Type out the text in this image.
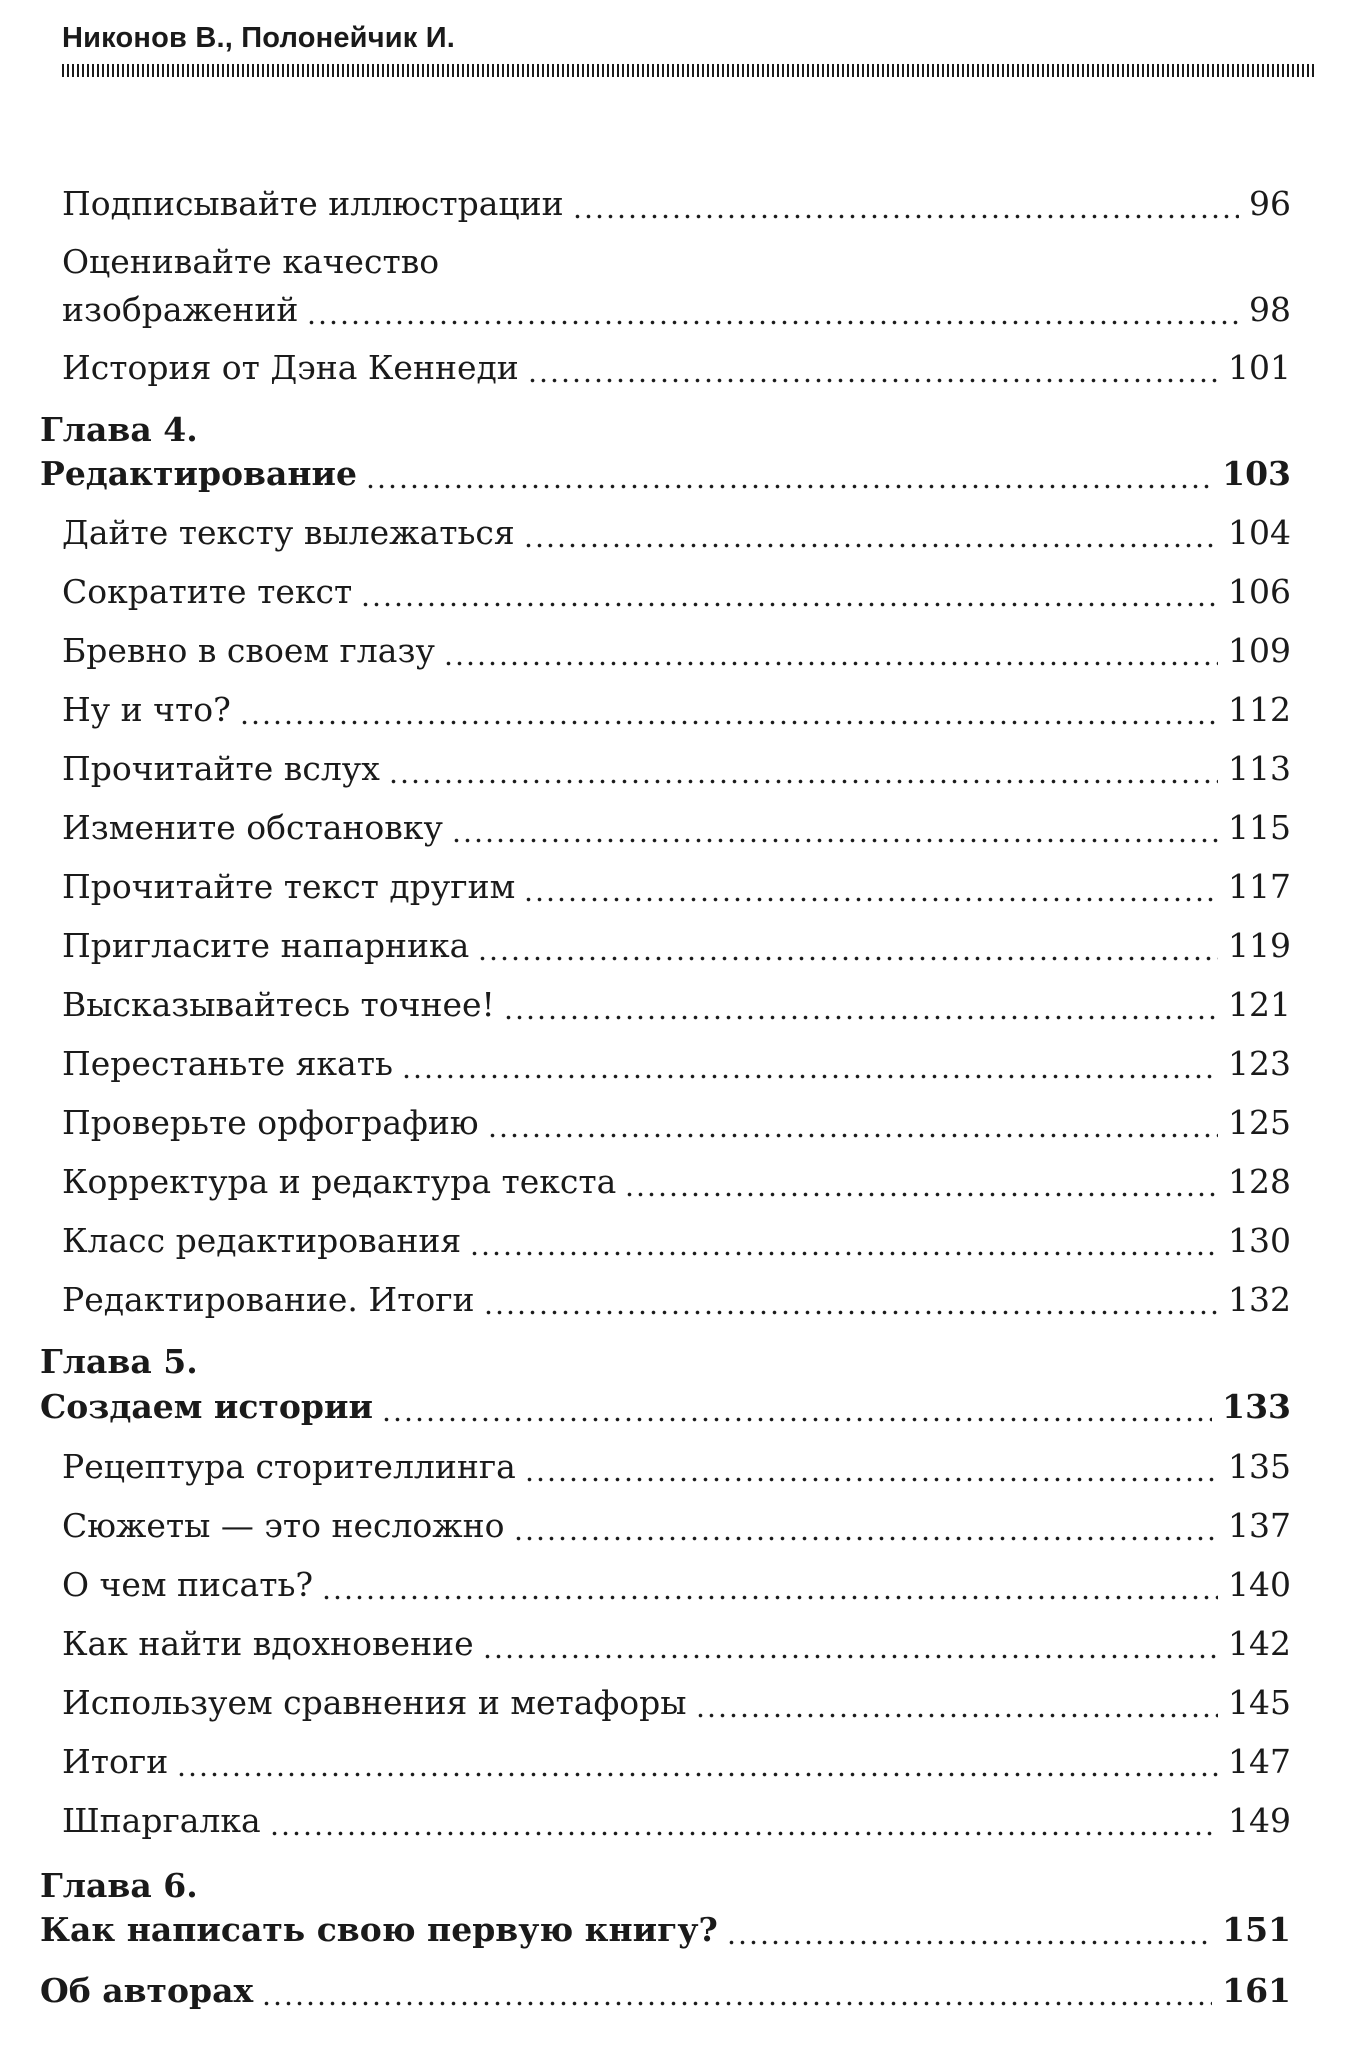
Никонов В., Полонейчик И.
Подписывайте иллюстрации	96
Оценивайте качество
изображений	98
История от Дэна Кеннеди	101
Глава 4.
Редактирование	103
Дайте тексту вылежаться	104
Сократите текст	106
Бревно в своем глазу	109
Ну и что?	112
Прочитайте вслух	113
Измените обстановку	115
Прочитайте текст другим	117
Пригласите напарника	119
Высказывайтесь точнее!	121
Перестаньте якать	123
Проверьте орфографию	125
Корректура и редактура текста	128
Класс редактирования	130
Редактирование. Итоги	132
Глава 5.
Создаем истории	133
Рецептура сторителлинга	135
Сюжеты — это несложно	137
О чем писать?	140
Как найти вдохновение	142
Используем сравнения и метафоры	145
Итоги	147
Шпаргалка	149
Глава 6.
Как написать свою первую книгу?	151
Об авторах	161
